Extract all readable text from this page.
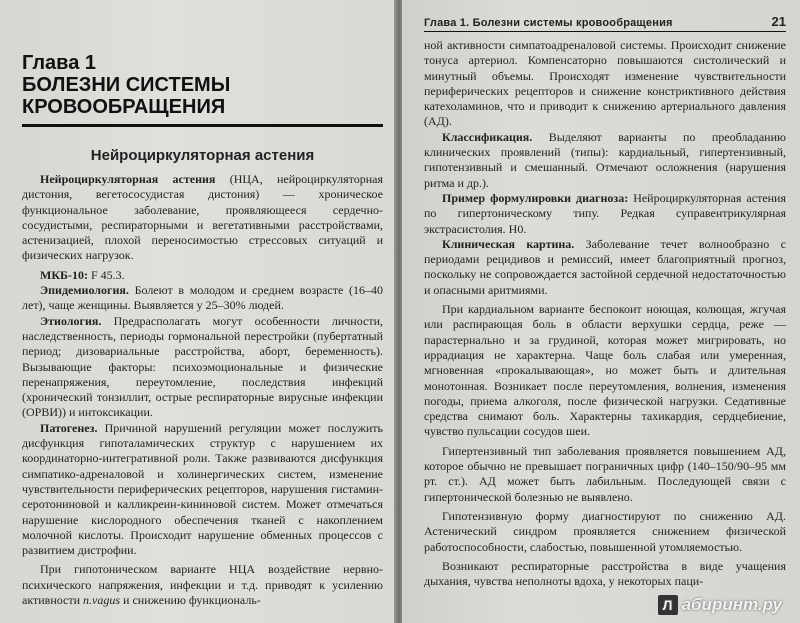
Глава 1
БОЛЕЗНИ СИСТЕМЫ КРОВООБРАЩЕНИЯ
Нейроциркуляторная астения

Нейроциркуляторная астения (НЦА, нейроциркуляторная дистония, вегетососудистая дистония) — хроническое функциональное заболевание, проявляющееся сердечно-сосудистыми, респираторными и вегетативными расстройствами, астенизацией, плохой переносимостью стрессовых ситуаций и физических нагрузок.

МКБ-10: F 45.3.

Эпидемиология. Болеют в молодом и среднем возрасте (16–40 лет), чаще женщины. Выявляется у 25–30% людей.

Этиология. Предрасполагать могут особенности личности, наследственность, периоды гормональной перестройки (пубертатный период; дизовариальные расстройства, аборт, беременность). Вызывающие факторы: психоэмоциональные и физические перенапряжения, переутомление, последствия инфекций (хронический тонзиллит, острые респираторные вирусные инфекции (ОРВИ)) и интоксикации.

Патогенез. Причиной нарушений регуляции может послужить дисфункция гипоталамических структур с нарушением их координаторно-интегративной роли. Также развиваются дисфункция симпатико-адреналовой и холинергических систем, изменение чувствительности периферических рецепторов, нарушения гистамин-серотониновой и калликреин-кининовой систем. Может отмечаться нарушение кислородного обеспечения тканей с накоплением молочной кислоты. Происходит нарушение обменных процессов с развитием дистрофии.

При гипотоническом варианте НЦА воздействие нервно-психического напряжения, инфекции и т.д. приводят к усилению активности n.vagus и снижению функциональ-

Глава 1. Болезни системы кровообращения	21

ной активности симпатоадреналовой системы. Происходит снижение тонуса артериол. Компенсаторно повышаются систолический и минутный объемы. Происходят изменение чувствительности периферических рецепторов и снижение констриктивного действия катехоламинов, что и приводит к снижению артериального давления (АД).

Классификация. Выделяют варианты по преобладанию клинических проявлений (типы): кардиальный, гипертензивный, гипотензивный и смешанный. Отмечают осложнения (нарушения ритма и др.).

Пример формулировки диагноза: Нейроциркуляторная астения по гипертоническому типу. Редкая суправентрикулярная экстрасистолия. Н0.

Клиническая картина. Заболевание течет волнообразно с периодами рецидивов и ремиссий, имеет благоприятный прогноз, поскольку не сопровождается застойной сердечной недостаточностью и опасными аритмиями.

При кардиальном варианте беспокоит ноющая, колющая, жгучая или распирающая боль в области верхушки сердца, реже — парастернально и за грудиной, которая может мигрировать, но иррадиация не характерна. Чаще боль слабая или умеренная, мгновенная «прокалывающая», но может быть и длительная монотонная. Возникает после переутомления, волнения, изменения погоды, приема алкоголя, после физической нагрузки. Седативные средства снимают боль. Характерны тахикардия, сердцебиение, чувство пульсации сосудов шеи.

Гипертензивный тип заболевания проявляется повышением АД, которое обычно не превышает пограничных цифр (140–150/90–95 мм рт. ст.). АД может быть лабильным. Последующей связи с гипертонической болезнью не выявлено.

Гипотензивную форму диагностируют по снижению АД. Астенический синдром проявляется снижением физической работоспособности, слабостью, повышенной утомляемостью.

Возникают респираторные расстройства в виде учащения дыхания, чувства неполноты вдоха, у некоторых паци-

Л абиринт.ру
